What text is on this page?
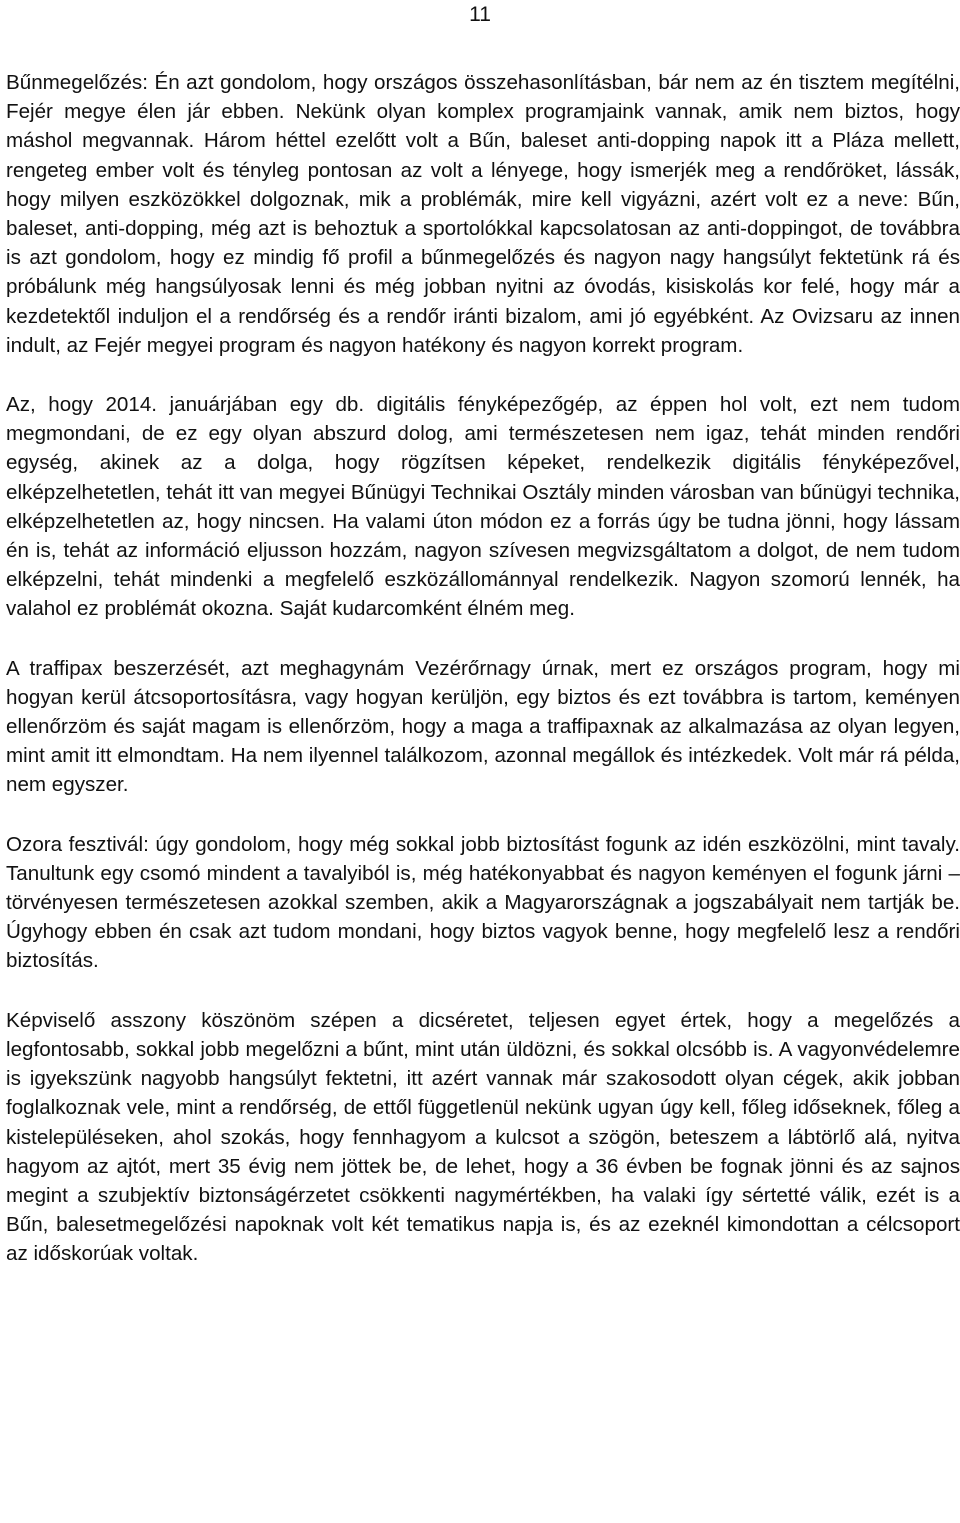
11

Bűnmegelőzés: Én azt gondolom, hogy országos összehasonlításban, bár nem az én tisztem megítélni, Fejér megye élen jár ebben. Nekünk olyan komplex programjaink vannak, amik nem biztos, hogy máshol megvannak. Három héttel ezelőtt volt a Bűn, baleset anti-dopping napok itt a Pláza mellett, rengeteg ember volt és tényleg pontosan az volt a lényege, hogy ismerjék meg a rendőröket, lássák, hogy milyen eszközökkel dolgoznak, mik a problémák, mire kell vigyázni, azért volt ez a neve: Bűn, baleset, anti-dopping, még azt is behoztuk a sportolókkal kapcsolatosan az anti-doppingot, de továbbra is azt gondolom, hogy ez mindig fő profil a bűnmegelőzés és nagyon nagy hangsúlyt fektetünk rá és próbálunk még hangsúlyosak lenni és még jobban nyitni az óvodás, kisiskolás kor felé, hogy már a kezdetektől induljon el a rendőrség és a rendőr iránti bizalom, ami jó egyébként. Az Ovizsaru az innen indult, az Fejér megyei program és nagyon hatékony és nagyon korrekt program.

Az, hogy 2014. januárjában egy db. digitális fényképezőgép, az éppen hol volt, ezt nem tudom megmondani, de ez egy olyan abszurd dolog, ami természetesen nem igaz, tehát minden rendőri egység, akinek az a dolga, hogy rögzítsen képeket, rendelkezik digitális fényképezővel, elképzelhetetlen, tehát itt van megyei Bűnügyi Technikai Osztály minden városban van bűnügyi technika, elképzelhetetlen az, hogy nincsen. Ha valami úton módon ez a forrás úgy be tudna jönni, hogy lássam én is, tehát az információ eljusson hozzám, nagyon szívesen megvizsgáltatom a dolgot, de nem tudom elképzelni, tehát mindenki a megfelelő eszközállománnyal rendelkezik. Nagyon szomorú lennék, ha valahol ez problémát okozna. Saját kudarcomként élném meg.

A traffipax beszerzését, azt meghagynám Vezérőrnagy úrnak, mert ez országos program, hogy mi hogyan kerül átcsoportosításra, vagy hogyan kerüljön, egy biztos és ezt továbbra is tartom, keményen ellenőrzöm és saját magam is ellenőrzöm, hogy a maga a traffipaxnak az alkalmazása az olyan legyen, mint amit itt elmondtam. Ha nem ilyennel találkozom, azonnal megállok és intézkedek. Volt már rá példa, nem egyszer.

Ozora fesztivál: úgy gondolom, hogy még sokkal jobb biztosítást fogunk az idén eszközölni, mint tavaly. Tanultunk egy csomó mindent a tavalyiból is, még hatékonyabbat és nagyon keményen el fogunk járni – törvényesen természetesen azokkal szemben, akik a Magyarországnak a jogszabályait nem tartják be. Úgyhogy ebben én csak azt tudom mondani, hogy biztos vagyok benne, hogy megfelelő lesz a rendőri biztosítás.

Képviselő asszony köszönöm szépen a dicséretet, teljesen egyet értek, hogy a megelőzés a legfontosabb, sokkal jobb megelőzni a bűnt, mint után üldözni, és sokkal olcsóbb is. A vagyonvédelemre is igyekszünk nagyobb hangsúlyt fektetni, itt azért vannak már szakosodott olyan cégek, akik jobban foglalkoznak vele, mint a rendőrség, de ettől függetlenül nekünk ugyan úgy kell, főleg időseknek, főleg a kistelepüléseken, ahol szokás, hogy fennhagyom a kulcsot a szögön, beteszem a lábtörlő alá, nyitva hagyom az ajtót, mert 35 évig nem jöttek be, de lehet, hogy a 36 évben be fognak jönni és az sajnos megint a szubjektív biztonságérzetet csökkenti nagymértékben, ha valaki így sértetté válik, ezét is a Bűn, balesetmegelőzési napoknak volt két tematikus napja is, és az ezeknél kimondottan a célcsoport az időskorúak voltak.
